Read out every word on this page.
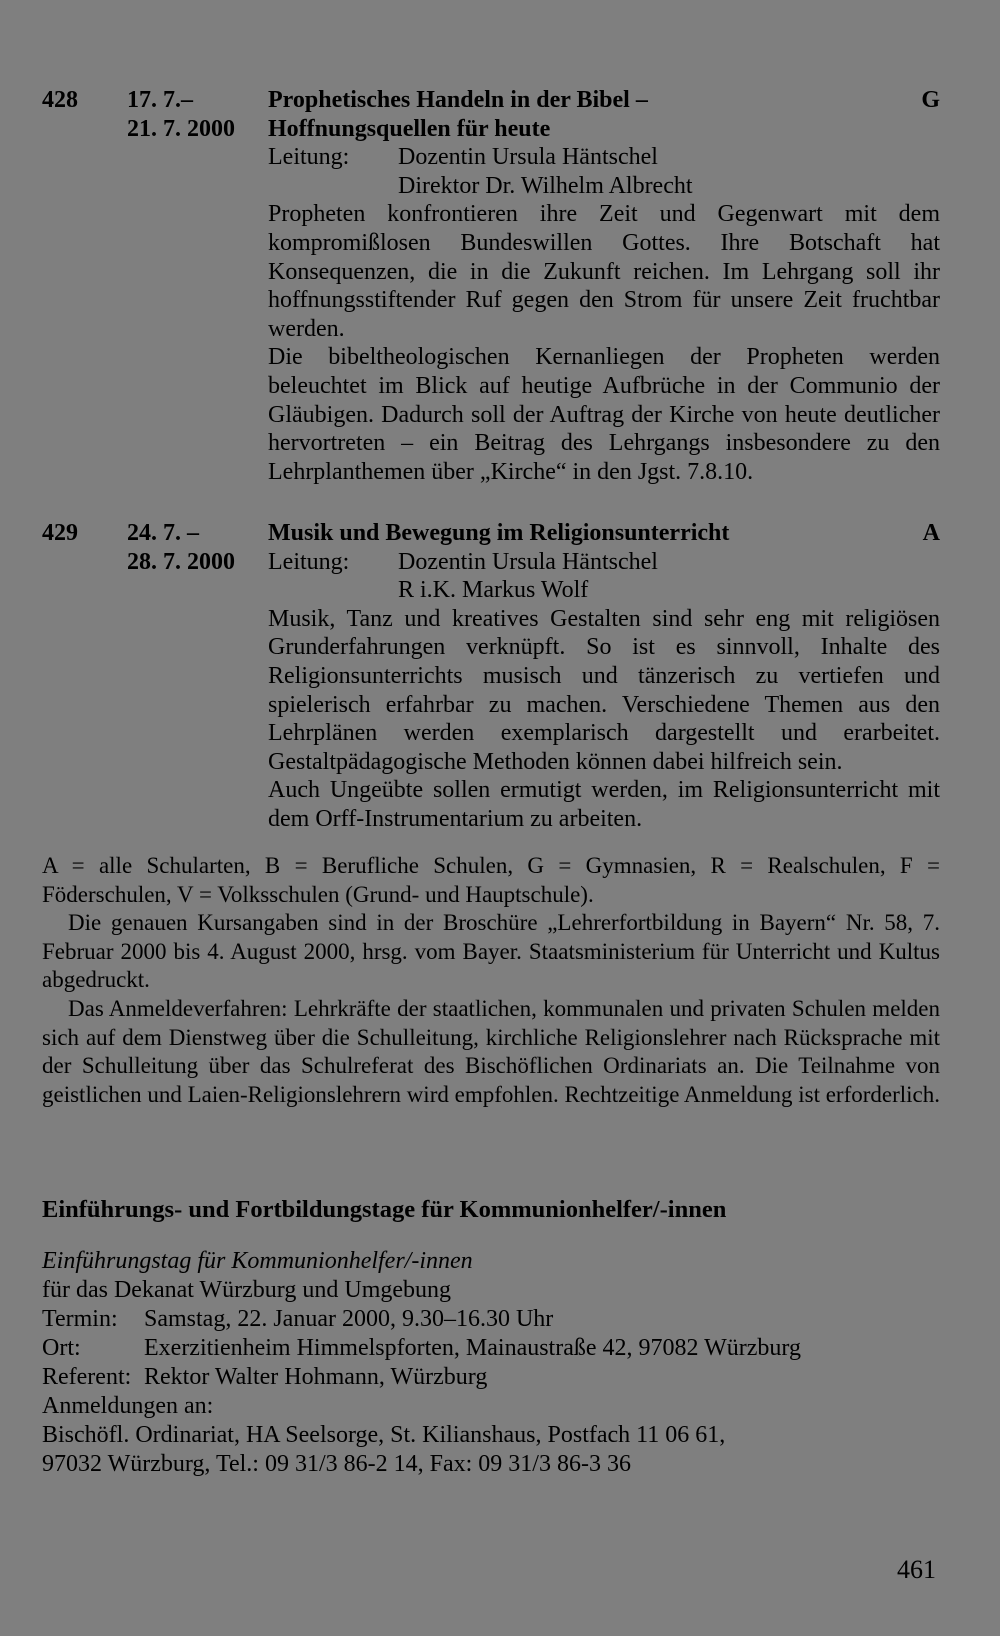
428 17. 7.–
21. 7. 2000
Prophetisches Handeln in der Bibel –	G
Hoffnungsquellen für heute
Leitung:	Dozentin Ursula Häntschel
Direktor Dr. Wilhelm Albrecht

Propheten konfrontieren ihre Zeit und Gegenwart mit dem kompromißlosen Bundeswillen Gottes. Ihre Botschaft hat Konsequenzen, die in die Zukunft reichen. Im Lehrgang soll ihr hoffnungsstiftender Ruf gegen den Strom für unsere Zeit fruchtbar werden.

Die bibeltheologischen Kernanliegen der Propheten werden beleuchtet im Blick auf heutige Aufbrüche in der Communio der Gläubigen. Dadurch soll der Auftrag der Kirche von heute deutlicher hervortreten – ein Beitrag des Lehrgangs insbesondere zu den Lehrplanthemen über „Kirche“ in den Jgst. 7.8.10.

429 24. 7. –
28. 7. 2000
Musik und Bewegung im Religionsunterricht	A
Leitung:	Dozentin Ursula Häntschel
R i.K. Markus Wolf

Musik, Tanz und kreatives Gestalten sind sehr eng mit religiösen Grunderfahrungen verknüpft. So ist es sinnvoll, Inhalte des Religionsunterrichts musisch und tänzerisch zu vertiefen und spielerisch erfahrbar zu machen. Verschiedene Themen aus den Lehrplänen werden exemplarisch dargestellt und erarbeitet. Gestaltpädagogische Methoden können dabei hilfreich sein.

Auch Ungeübte sollen ermutigt werden, im Religionsunterricht mit dem Orff-Instrumentarium zu arbeiten.

A = alle Schularten, B = Berufliche Schulen, G = Gymnasien, R = Realschulen, F = Föderschulen, V = Volksschulen (Grund- und Hauptschule).

Die genauen Kursangaben sind in der Broschüre „Lehrerfortbildung in Bayern“ Nr. 58, 7. Februar 2000 bis 4. August 2000, hrsg. vom Bayer. Staatsministerium für Unterricht und Kultus abgedruckt.

Das Anmeldeverfahren: Lehrkräfte der staatlichen, kommunalen und privaten Schulen melden sich auf dem Dienstweg über die Schulleitung, kirchliche Religionslehrer nach Rücksprache mit der Schulleitung über das Schulreferat des Bischöflichen Ordinariats an. Die Teilnahme von geistlichen und Laien-Religionslehrern wird empfohlen. Rechtzeitige Anmeldung ist erforderlich.

Einführungs- und Fortbildungstage für Kommunionhelfer/-innen
Einführungstag für Kommunionhelfer/-innen
für das Dekanat Würzburg und Umgebung
Termin:	Samstag, 22. Januar 2000, 9.30–16.30 Uhr
Ort:	Exerzitienheim Himmelspforten, Mainaustraße 42, 97082 Würzburg
Referent: Rektor Walter Hohmann, Würzburg
Anmeldungen an:
Bischöfl. Ordinariat, HA Seelsorge, St. Kilianshaus, Postfach 11 06 61,
97032 Würzburg, Tel.: 09 31/3 86-2 14, Fax: 09 31/3 86-3 36
461
